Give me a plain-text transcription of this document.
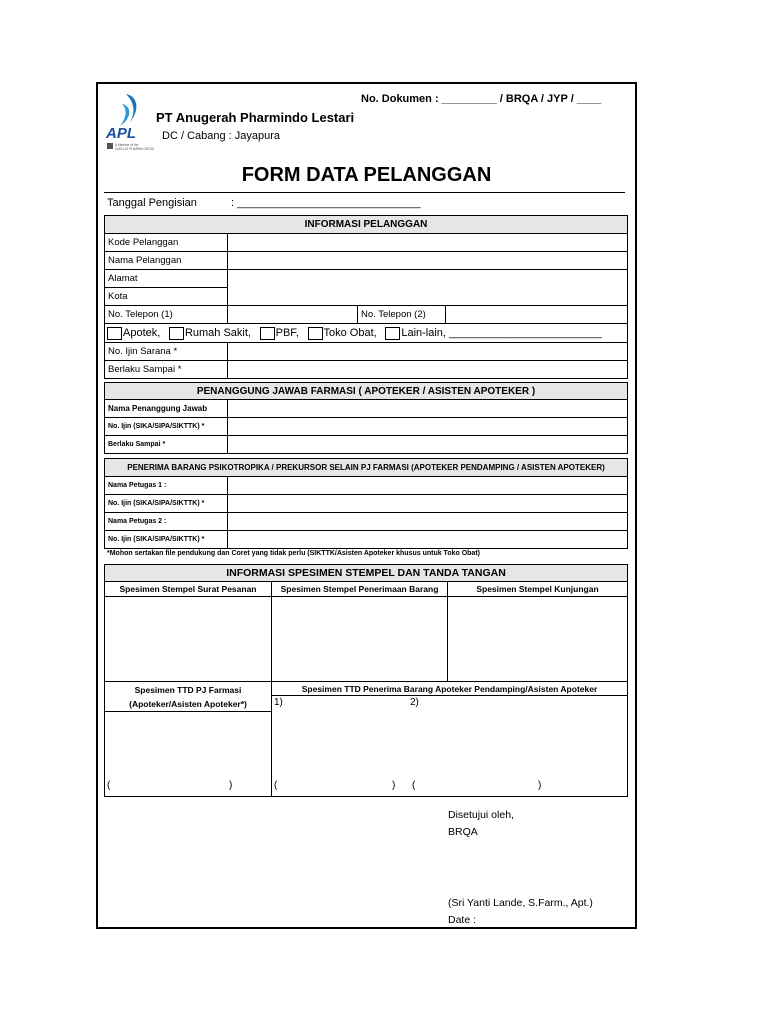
APL
A Member of the
ZUELLIG PHARMA GROUP
PT Anugerah Pharmindo Lestari
DC / Cabang : Jayapura
No. Dokumen : _________ / BRQA / JYP / ____
FORM DATA PELANGGAN
Tanggal Pengisian	: ______________________________
INFORMASI PELANGGAN			
Kode Pelanggan			
Nama Pelanggan			
Alamat			
Kota			
No. Telepon (1)		No. Telepon (2)	
Apotek, Rumah Sakit, PBF, Toko Obat, Lain-lain, _________________________			
No. Ijin Sarana *			
Berlaku Sampai *			
PENANGGUNG JAWAB FARMASI ( APOTEKER / ASISTEN APOTEKER )	
Nama Penanggung Jawab	
No. Ijin (SIKA/SIPA/SIKTTK) *	
Berlaku Sampai *	
PENERIMA BARANG PSIKOTROPIKA / PREKURSOR SELAIN PJ FARMASI (APOTEKER PENDAMPING / ASISTEN APOTEKER)	
Nama Petugas 1 :	
No. Ijin (SIKA/SIPA/SIKTTK) *	
Nama Petugas 2 :	
No. Ijin (SIKA/SIPA/SIKTTK) *	
*Mohon sertakan file pendukung dan Coret yang tidak perlu (SIKTTK/Asisten Apoteker khusus untuk Toko Obat)
INFORMASI SPESIMEN STEMPEL DAN TANDA TANGAN		
Spesimen Stempel Surat Pesanan	Spesimen Stempel Penerimaan Barang	Spesimen Stempel Kunjungan

Spesimen TTD PJ Farmasi
(Apoteker/Asisten Apoteker*)
	Spesimen TTD Penerima Barang Apoteker Pendamping/Asisten Apoteker

1)	2)
(	) (	)

(	)
Disetujui oleh,
BRQA
(Sri Yanti Lande, S.Farm., Apt.)
Date :
